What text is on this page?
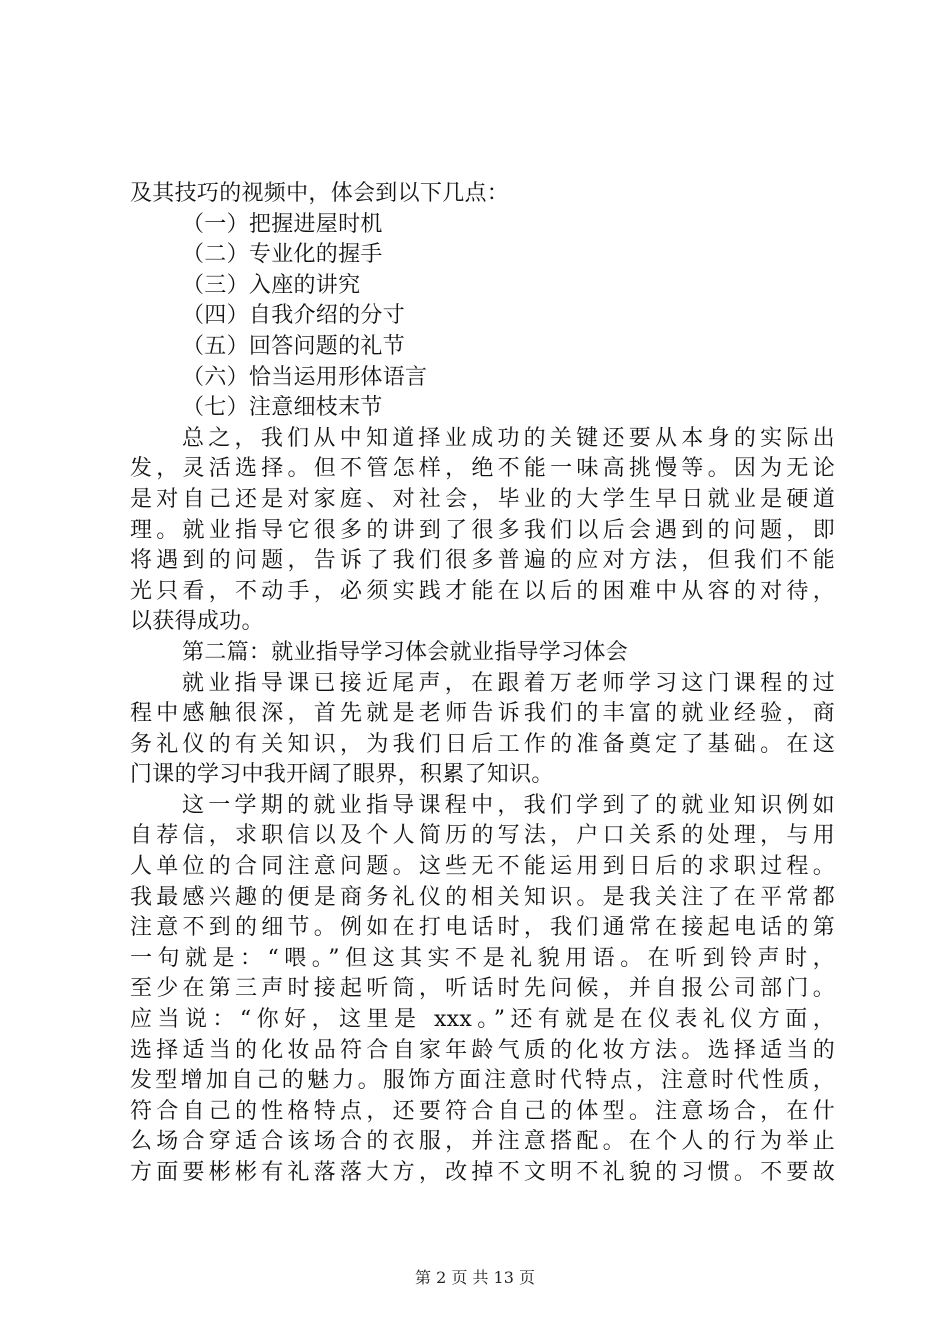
及其技巧的视频中，体会到以下几点：
（一）把握进屋时机
（二）专业化的握手
（三）入座的讲究
（四）自我介绍的分寸
（五）回答问题的礼节
（六）恰当运用形体语言
（七）注意细枝末节
总之，我们从中知道择业成功的关键还要从本身的实际出
发，灵活选择。但不管怎样，绝不能一味高挑慢等。因为无论
是对自己还是对家庭、对社会，毕业的大学生早日就业是硬道
理。就业指导它很多的讲到了很多我们以后会遇到的问题，即
将遇到的问题，告诉了我们很多普遍的应对方法，但我们不能
光只看，不动手，必须实践才能在以后的困难中从容的对待，
以获得成功。
第二篇：就业指导学习体会就业指导学习体会
就业指导课已接近尾声，在跟着万老师学习这门课程的过
程中感触很深，首先就是老师告诉我们的丰富的就业经验，商
务礼仪的有关知识，为我们日后工作的准备奠定了基础。在这
门课的学习中我开阔了眼界，积累了知识。
这一学期的就业指导课程中，我们学到了的就业知识例如
自荐信，求职信以及个人简历的写法，户口关系的处理，与用
人单位的合同注意问题。这些无不能运用到日后的求职过程。
我最感兴趣的便是商务礼仪的相关知识。是我关注了在平常都
注意不到的细节。例如在打电话时，我们通常在接起电话的第
一句就是：“喂。”但这其实不是礼貌用语。在听到铃声时，
至少在第三声时接起听筒，听话时先问候，并自报公司部门。
应当说：“你好，这里是 xxx。”还有就是在仪表礼仪方面，
选择适当的化妆品符合自家年龄气质的化妆方法。选择适当的
发型增加自己的魅力。服饰方面注意时代特点，注意时代性质，
符合自己的性格特点，还要符合自己的体型。注意场合，在什
么场合穿适合该场合的衣服，并注意搭配。在个人的行为举止
方面要彬彬有礼落落大方，改掉不文明不礼貌的习惯。不要故
第 2 页 共 13 页
